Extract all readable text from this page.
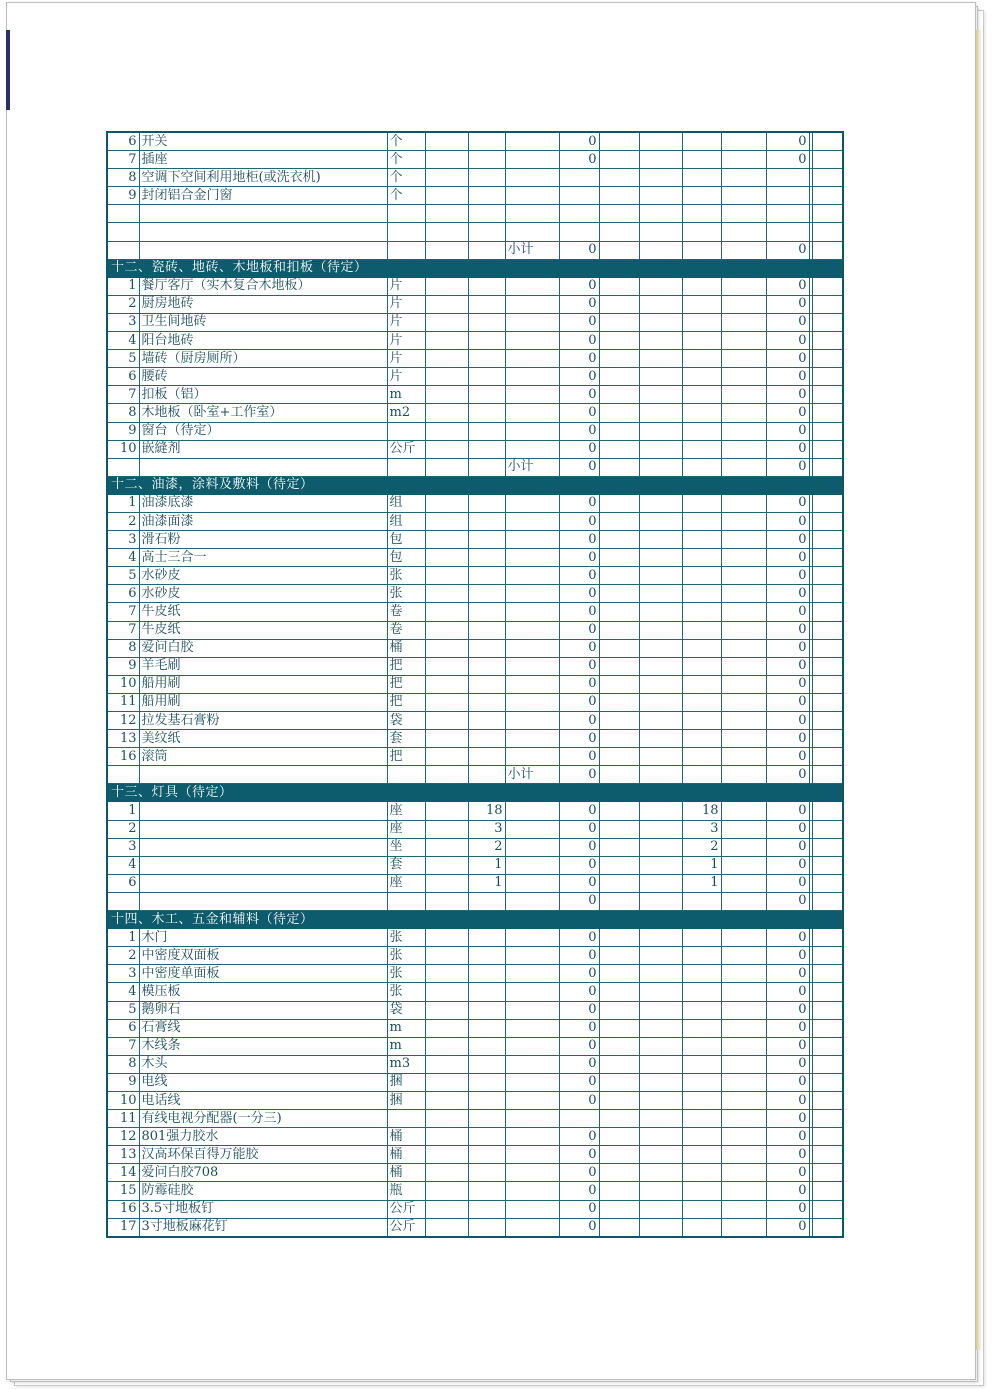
6	开关	个				0					0		
7	插座	个				0					0		
8	空调下空间利用地柜(或洗衣机)	个											
9	封闭铝合金门窗	个											

					小计	0					0		
十二、瓷砖、地砖、木地板和扣板（待定）													
1	餐厅客厅（实木复合木地板）	片				0					0		
2	厨房地砖	片				0					0		
3	卫生间地砖	片				0					0		
4	阳台地砖	片				0					0		
5	墙砖（厨房厕所）	片				0					0		
6	腰砖	片				0					0		
7	扣板（铝）	m				0					0		
8	木地板（卧室+工作室）	m2				0					0		
9	窗台（待定）					0					0		
10	嵌縫剂	公斤				0					0		
					小计	0					0		
十二、油漆，涂料及敷料（待定）													
1	油漆底漆	组				0					0		
2	油漆面漆	组				0					0		
3	滑石粉	包				0					0		
4	高士三合一	包				0					0		
5	水砂皮	张				0					0		
6	水砂皮	张				0					0		
7	牛皮纸	卷				0					0		
7	牛皮纸	卷				0					0		
8	爱问白胶	桶				0					0		
9	羊毛刷	把				0					0		
10	船用刷	把				0					0		
11	船用刷	把				0					0		
12	拉发基石膏粉	袋				0					0		
13	美纹纸	套				0					0		
16	滚筒	把				0					0		
					小计	0					0		
十三、灯具（待定）													
1		座		18		0			18		0		
2		座		3		0			3		0		
3		坐		2		0			2		0		
4		套		1		0			1		0		
6		座		1		0			1		0		
						0					0		
十四、木工、五金和辅料（待定）													
1	木门	张				0					0		
2	中密度双面板	张				0					0		
3	中密度单面板	张				0					0		
4	模压板	张				0					0		
5	鹅卵石	袋				0					0		
6	石膏线	m				0					0		
7	木线条	m				0					0		
8	木头	m3				0					0		
9	电线	捆				0					0		
10	电话线	捆				0					0		
11	有线电视分配器(一分三)										0		
12	801强力胶水	桶				0					0		
13	汉高环保百得万能胶	桶				0					0		
14	爱问白胶708	桶				0					0		
15	防霉硅胶	瓶				0					0		
16	3.5寸地板钉	公斤				0					0		
17	3寸地板麻花钉	公斤				0					0		
